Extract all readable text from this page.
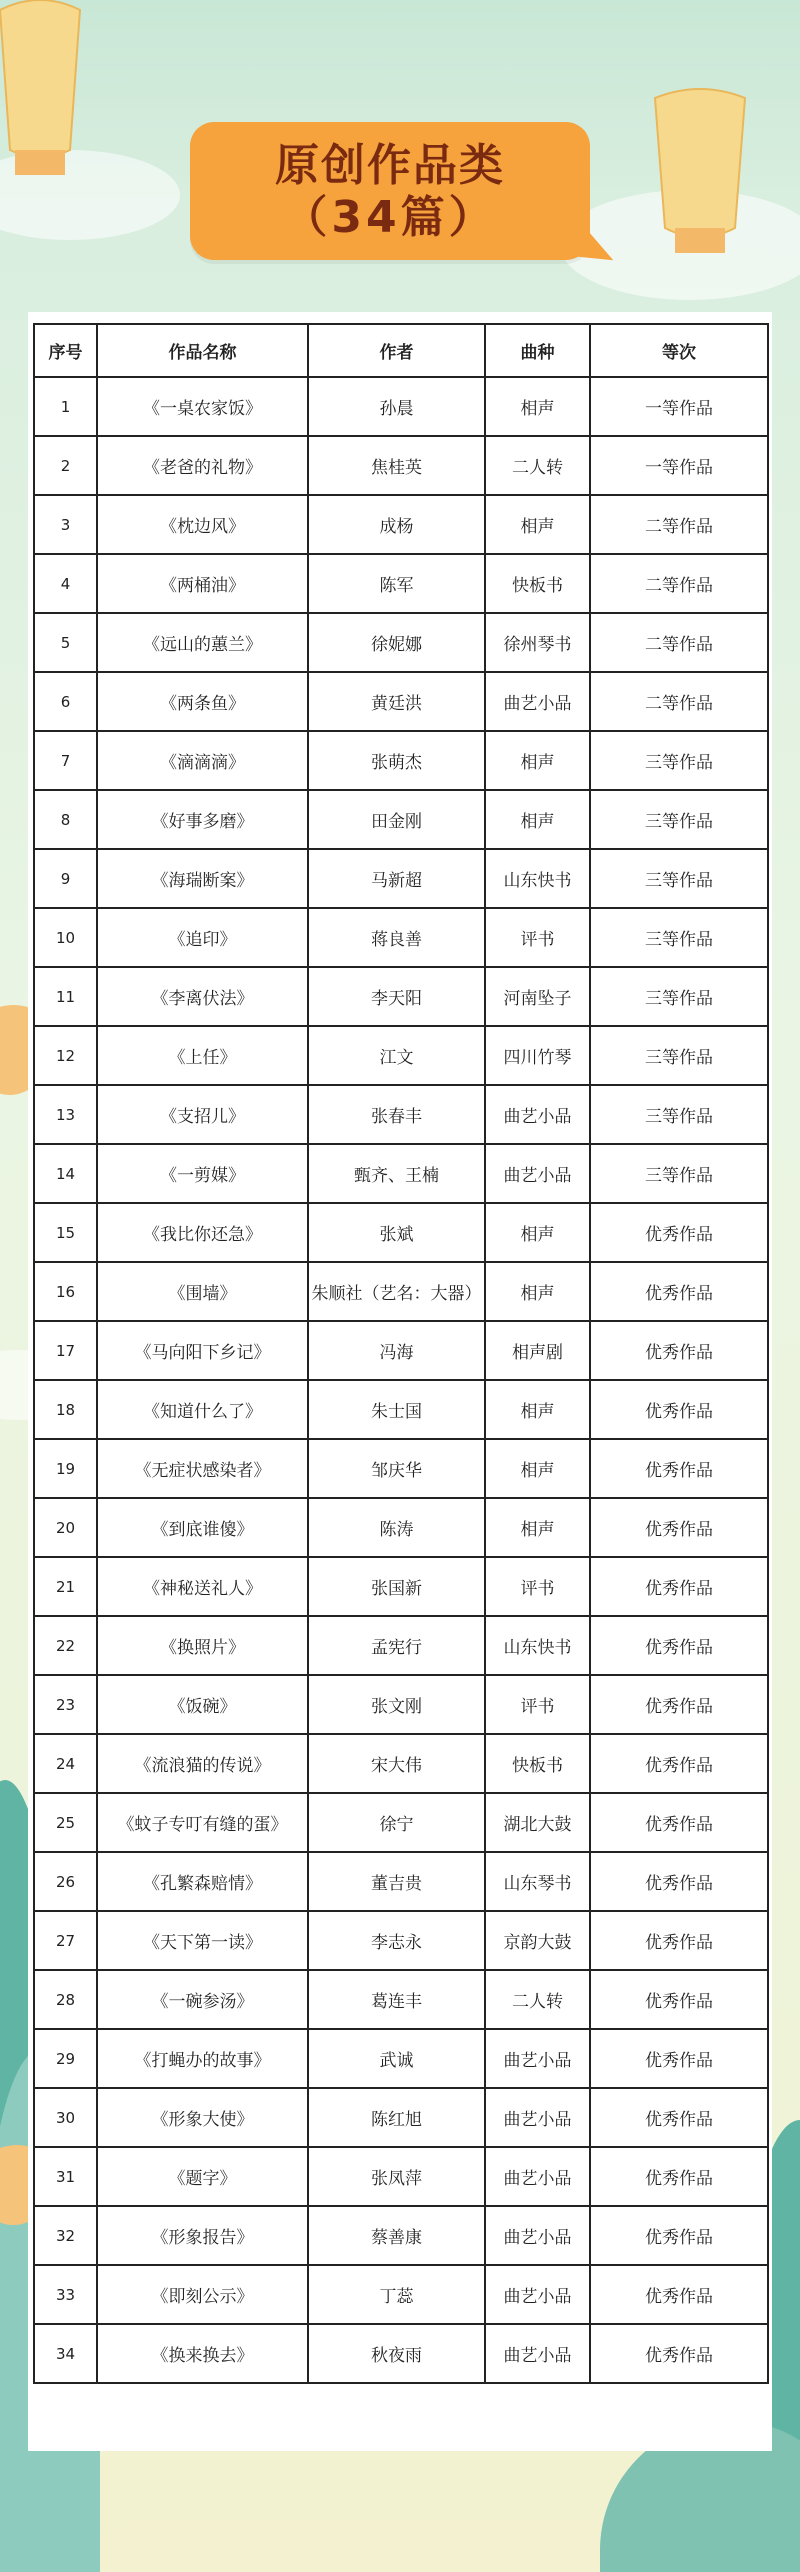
原创作品类
（34篇）
序号	作品名称	作者	曲种	等次
1	《一桌农家饭》	孙晨	相声	一等作品
2	《老爸的礼物》	焦桂英	二人转	一等作品
3	《枕边风》	成杨	相声	二等作品
4	《两桶油》	陈军	快板书	二等作品
5	《远山的蕙兰》	徐妮娜	徐州琴书	二等作品
6	《两条鱼》	黄廷洪	曲艺小品	二等作品
7	《滴滴滴》	张萌杰	相声	三等作品
8	《好事多磨》	田金刚	相声	三等作品
9	《海瑞断案》	马新超	山东快书	三等作品
10	《追印》	蒋良善	评书	三等作品
11	《李离伏法》	李天阳	河南坠子	三等作品
12	《上任》	江文	四川竹琴	三等作品
13	《支招儿》	张春丰	曲艺小品	三等作品
14	《一剪媒》	甄齐、王楠	曲艺小品	三等作品
15	《我比你还急》	张斌	相声	优秀作品
16	《围墙》	朱顺社（艺名：大器）	相声	优秀作品
17	《马向阳下乡记》	冯海	相声剧	优秀作品
18	《知道什么了》	朱士国	相声	优秀作品
19	《无症状感染者》	邹庆华	相声	优秀作品
20	《到底谁傻》	陈涛	相声	优秀作品
21	《神秘送礼人》	张国新	评书	优秀作品
22	《换照片》	孟宪行	山东快书	优秀作品
23	《饭碗》	张文刚	评书	优秀作品
24	《流浪猫的传说》	宋大伟	快板书	优秀作品
25	《蚊子专叮有缝的蛋》	徐宁	湖北大鼓	优秀作品
26	《孔繁森赔情》	董吉贵	山东琴书	优秀作品
27	《天下第一读》	李志永	京韵大鼓	优秀作品
28	《一碗参汤》	葛连丰	二人转	优秀作品
29	《打蝇办的故事》	武诚	曲艺小品	优秀作品
30	《形象大使》	陈红旭	曲艺小品	优秀作品
31	《题字》	张凤萍	曲艺小品	优秀作品
32	《形象报告》	蔡善康	曲艺小品	优秀作品
33	《即刻公示》	丁蕊	曲艺小品	优秀作品
34	《换来换去》	秋夜雨	曲艺小品	优秀作品
